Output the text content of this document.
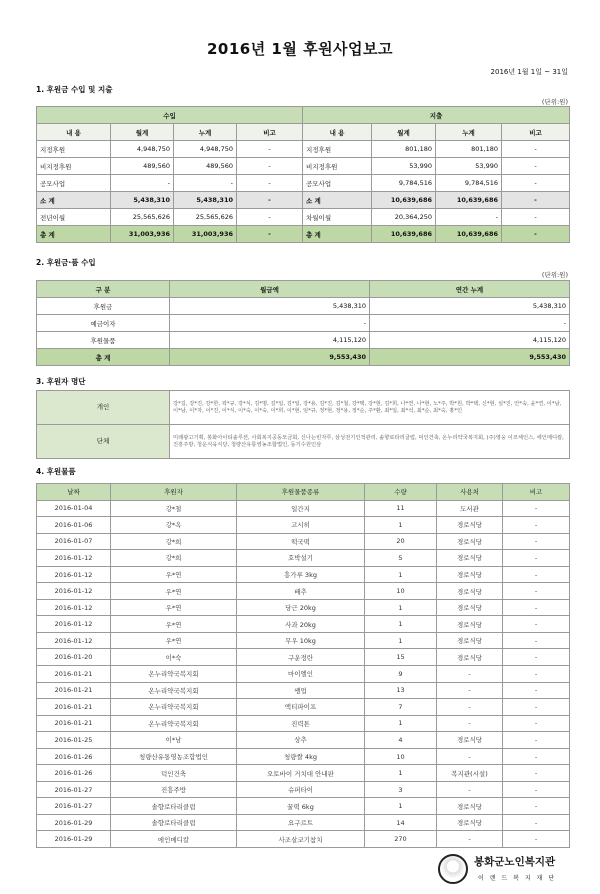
2016년 1월 후원사업보고
2016년 1월 1일 ~ 31일
1. 후원금 수입 및 지출
(단위:원)
수입				지출			
내 용	월계	누계	비고	내 용	월계	누계	비고
지정후원	4,948,750	4,948,750	-	지정후원	801,180	801,180	-
비지정후원	489,560	489,560	-	비지정후원	53,990	53,990	-
공모사업	-	-	-	공모사업	9,784,516	9,784,516	-
소 계	5,438,310	5,438,310	-	소 계	10,639,686	10,639,686	-
전년이월	25,565,626	25,565,626	-	차월이월	20,364,250	-	-
총 계	31,003,936	31,003,936	-	총 계	10,639,686	10,639,686	-
2. 후원금·품 수입
(단위:원)
구 분	월금액	연간 누계
후원금	5,438,310	5,438,310
예금이자	-	-
후원물품	4,115,120	4,115,120
총 계	9,553,430	9,553,430
3. 후원자 명단
개인	강*길, 강*진, 강*한, 곽*규, 강*식, 김*명, 김*일, 김*일, 강*용, 김*진, 김*철, 강*택, 강*현, 김*희, 나*연, 나*현, 노*주, 박*원, 박*택, 신*현, 심*진, 안*숙, 윤*연, 이*남, 이*남, 이*자, 이*진, 이*식, 이*숙, 이*숙, 이*희, 이*현, 임*규, 정*현, 정*용, 정*순, 주*환, 최*일, 최*석, 최*순, 최*숙, 홍*인
단체	미래광고기획, 봉화아이티솔루션, 사회복지공동모금회, 신나는빈자루, 삼성전기인적관리, 솔향로타리클럽, 덕인건축, 온누리약국복지회, (주)영웅 이코체인스, 에인메디칼, 진흥주방, 청운식육식당, 청량산유통영농조합법인, 동기수원인삼
4. 후원물품
날짜	후원자	후원물품종류	수량	사용처	비고
2016-01-04	강*철	일간지	11	도서관	-
2016-01-06	강*옥	고시히	1	경로식당	-
2016-01-07	강*희	떡국떡	20	경로식당	-
2016-01-12	강*희	호박설기	5	경로식당	-
2016-01-12	우*연	흥가루 3kg	1	경로식당	-
2016-01-12	우*연	배추	10	경로식당	-
2016-01-12	우*연	당근 20kg	1	경로식당	-
2016-01-12	우*연	사과 20kg	1	경로식당	-
2016-01-12	우*연	무우 10kg	1	경로식당	-
2016-01-20	이*숙	구운정란	15	경로식당	-
2016-01-21	온누리약국복지회	마이엘인	9	-	-
2016-01-21	온누리약국복지회	쌩업	13	-	-
2016-01-21	온누리약국복지회	액티파이프	7	-	-
2016-01-21	온누리약국복지회	진력톤	1	-	-
2016-01-25	이*남	상추	4	경로식당	-
2016-01-26	청량산유통영농조합법인	청량쌀 4kg	10	-	-
2016-01-26	덕인건축	오토바이 거치대 안내판	1	복지관(시설)	-
2016-01-27	진흥주방	슈퍼타이	3	-	-
2016-01-27	솔향로타리클럽	꿀떡 6kg	1	경로식당	-
2016-01-29	솔향로타리클럽	요구르트	14	경로식당	-
2016-01-29	에인메디칼	사조살코기참치	270	-	-
봉화군노인복지관
이 랜 드 복 지 재 단
